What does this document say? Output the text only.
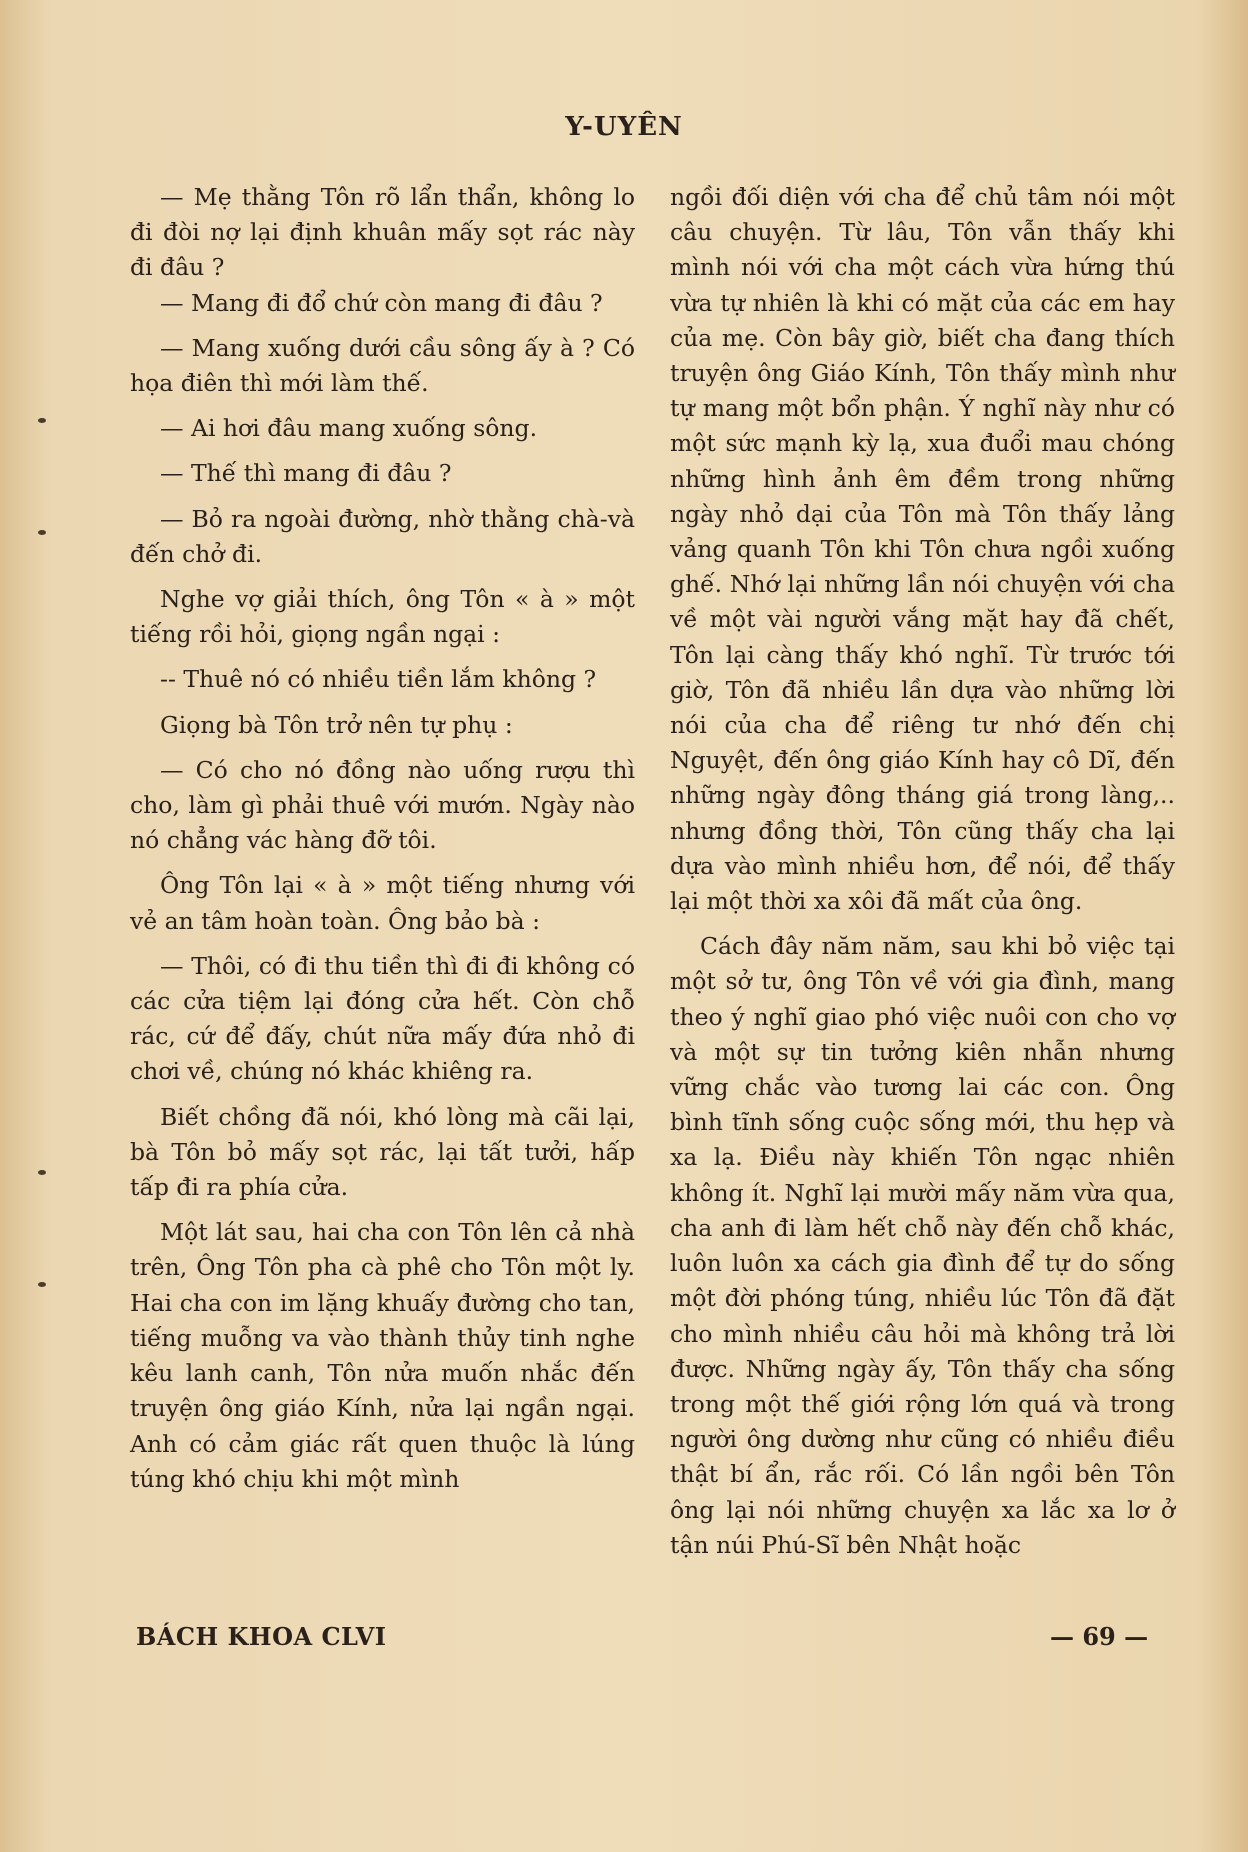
Y-UYÊN

— Mẹ thằng Tôn rõ lẩn thẩn, không lo đi đòi nợ lại định khuân mấy sọt rác này đi đâu ?

— Mang đi đổ chứ còn mang đi đâu ?

— Mang xuống dưới cầu sông ấy à ? Có họa điên thì mới làm thế.

— Ai hơi đâu mang xuống sông.

— Thế thì mang đi đâu ?

— Bỏ ra ngoài đường, nhờ thằng chà-và đến chở đi.

Nghe vợ giải thích, ông Tôn « à » một tiếng rồi hỏi, giọng ngần ngại :

-- Thuê nó có nhiều tiền lắm không ?

Giọng bà Tôn trở nên tự phụ :

— Có cho nó đồng nào uống rượu thì cho, làm gì phải thuê với mướn. Ngày nào nó chẳng vác hàng đỡ tôi.

Ông Tôn lại « à » một tiếng nhưng với vẻ an tâm hoàn toàn. Ông bảo bà :

— Thôi, có đi thu tiền thì đi đi không có các cửa tiệm lại đóng cửa hết. Còn chỗ rác, cứ để đấy, chút nữa mấy đứa nhỏ đi chơi về, chúng nó khác khiêng ra.

Biết chồng đã nói, khó lòng mà cãi lại, bà Tôn bỏ mấy sọt rác, lại tất tưởi, hấp tấp đi ra phía cửa.

Một lát sau, hai cha con Tôn lên cả nhà trên, Ông Tôn pha cà phê cho Tôn một ly. Hai cha con im lặng khuấy đường cho tan, tiếng muỗng va vào thành thủy tinh nghe kêu lanh canh, Tôn nửa muốn nhắc đến truyện ông giáo Kính, nửa lại ngần ngại. Anh có cảm giác rất quen thuộc là lúng túng khó chịu khi một mình

ngồi đối diện với cha để chủ tâm nói một câu chuyện. Từ lâu, Tôn vẫn thấy khi mình nói với cha một cách vừa hứng thú vừa tự nhiên là khi có mặt của các em hay của mẹ. Còn bây giờ, biết cha đang thích truyện ông Giáo Kính, Tôn thấy mình như tự mang một bổn phận. Ý nghĩ này như có một sức mạnh kỳ lạ, xua đuổi mau chóng những hình ảnh êm đềm trong những ngày nhỏ dại của Tôn mà Tôn thấy lảng vảng quanh Tôn khi Tôn chưa ngồi xuống ghế. Nhớ lại những lần nói chuyện với cha về một vài người vắng mặt hay đã chết, Tôn lại càng thấy khó nghĩ. Từ trước tới giờ, Tôn đã nhiều lần dựa vào những lời nói của cha để riêng tư nhớ đến chị Nguyệt, đến ông giáo Kính hay cô Dĩ, đến những ngày đông tháng giá trong làng,.. nhưng đồng thời, Tôn cũng thấy cha lại dựa vào mình nhiều hơn, để nói, để thấy lại một thời xa xôi đã mất của ông.

Cách đây năm năm, sau khi bỏ việc tại một sở tư, ông Tôn về với gia đình, mang theo ý nghĩ giao phó việc nuôi con cho vợ và một sự tin tưởng kiên nhẫn nhưng vững chắc vào tương lai các con. Ông bình tĩnh sống cuộc sống mới, thu hẹp và xa lạ. Điều này khiến Tôn ngạc nhiên không ít. Nghĩ lại mười mấy năm vừa qua, cha anh đi làm hết chỗ này đến chỗ khác, luôn luôn xa cách gia đình để tự do sống một đời phóng túng, nhiều lúc Tôn đã đặt cho mình nhiều câu hỏi mà không trả lời được. Những ngày ấy, Tôn thấy cha sống trong một thế giới rộng lớn quá và trong người ông dường như cũng có nhiều điều thật bí ẩn, rắc rối. Có lần ngồi bên Tôn ông lại nói những chuyện xa lắc xa lơ ở tận núi Phú-Sĩ bên Nhật hoặc

BÁCH KHOA CLVI	— 69 —
